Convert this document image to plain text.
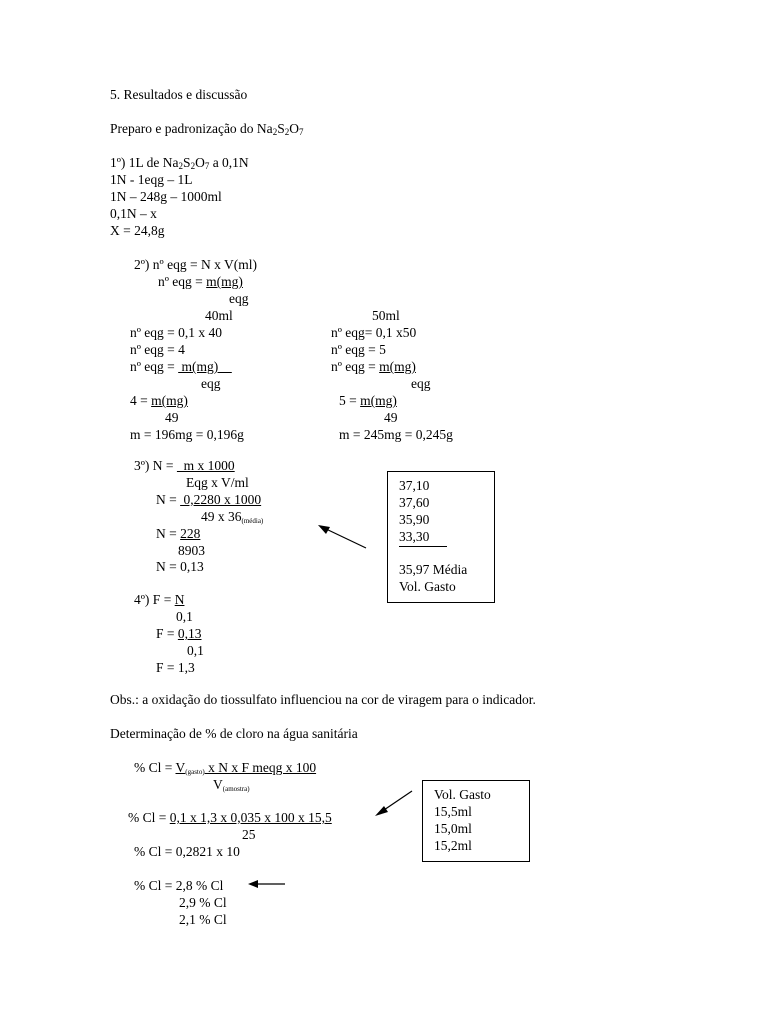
5. Resultados e discussão
Preparo e padronização do $Na_2S_2O_7$
1º) 1L de $Na_2S_2O_7$ a 0,1N
1N - 1eqg – 1L
1N – 248g – 1000ml
0,1N – x
X = 24,8g
2º) nº eqg = N x V(ml)
nº eqg = m(mg)
eqg
40ml
nº eqg = 0,1 x 40
nº eqg = 4
nº eqg =  m(mg)
eqg
4 = m(mg)
49
m = 196mg = 0,196g
50ml
nº eqg= 0,1 x50
nº eqg = 5
nº eqg = m(mg)
eqg
5 = m(mg)
49
m = 245mg = 0,245g
3º) N =   m x 1000
Eqg x V/ml
N =  0,2280 x 1000
49 x $36_{(média)}$
N = 228
8903
N = 0,13
37,10
37,60
35,90
33,30
35,97 Média
Vol. Gasto
4º) F = N
0,1
F = 0,13
0,1
F = 1,3
Obs.: a oxidação do tiossulfato influenciou na cor de viragem para o indicador.
Determinação de % de cloro na água sanitária
% $Cl = V_{(gasto)}$ x N x F meqg x 100
$V_{(amostra)}$
% Cl = 0,1 x 1,3 x 0,035 x 100 x 15,5
25
% Cl = 0,2821 x 10
% Cl = 2,8 % Cl
2,9 % Cl
2,1 % Cl
Vol. Gasto
15,5ml
15,0ml
15,2ml
